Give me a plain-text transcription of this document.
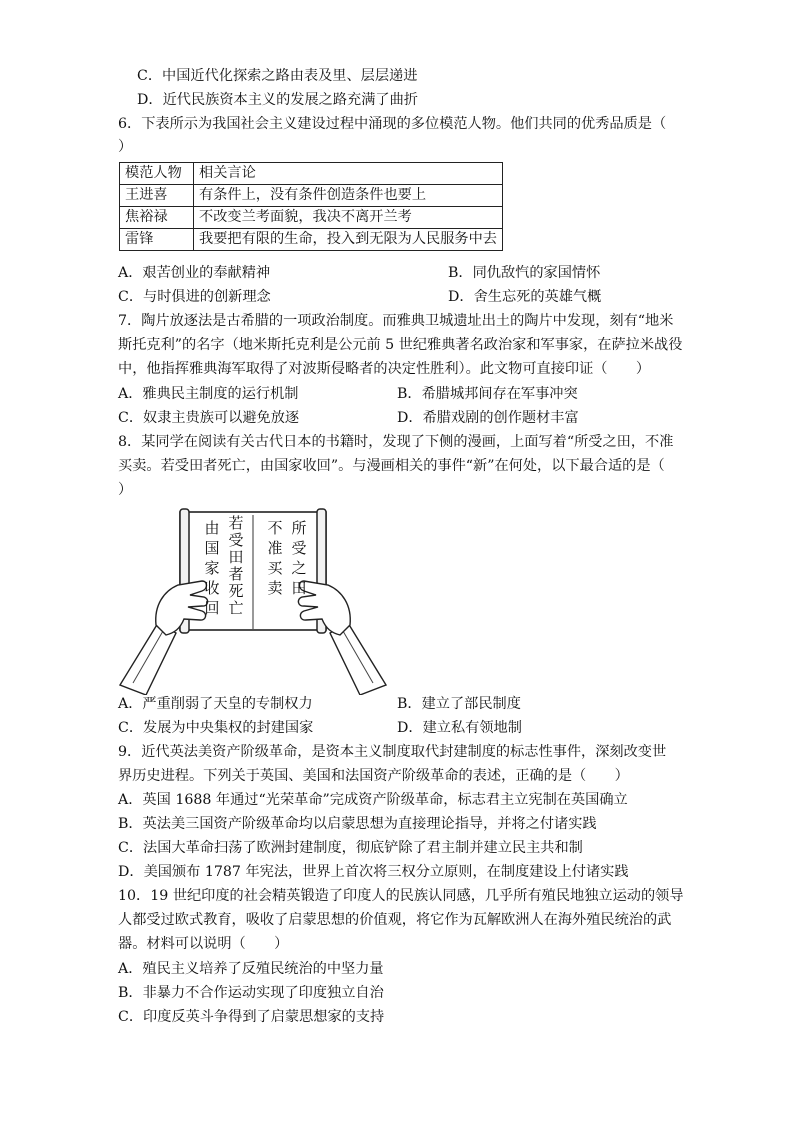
C．中国近代化探索之路由表及里、层层递进
D．近代民族资本主义的发展之路充满了曲折
6．下表所示为我国社会主义建设过程中涌现的多位模范人物。他们共同的优秀品质是（
）
模范人物	相关言论
王进喜	有条件上，没有条件创造条件也要上
焦裕禄	不改变兰考面貌，我决不离开兰考
雷锋	我要把有限的生命，投入到无限为人民服务中去
A．艰苦创业的奉献精神	B．同仇敌忾的家国情怀
C．与时俱进的创新理念	D．舍生忘死的英雄气概
7．陶片放逐法是古希腊的一项政治制度。而雅典卫城遗址出土的陶片中发现，刻有“地米
斯托克利”的名字（地米斯托克利是公元前 5 世纪雅典著名政治家和军事家，在萨拉米战役
中，他指挥雅典海军取得了对波斯侵略者的决定性胜利）。此文物可直接印证（　　）
A．雅典民主制度的运行机制	B．希腊城邦间存在军事冲突
C．奴隶主贵族可以避免放逐	D．希腊戏剧的创作题材丰富
8．某同学在阅读有关古代日本的书籍时，发现了下侧的漫画，上面写着“所受之田，不准
买卖。若受田者死亡，由国家收回”。与漫画相关的事件“新”在何处，以下最合适的是（
）
所受之田
不准买卖
若受田者死亡
由国家收回
A．严重削弱了天皇的专制权力	B．建立了部民制度
C．发展为中央集权的封建国家	D．建立私有领地制
9．近代英法美资产阶级革命，是资本主义制度取代封建制度的标志性事件，深刻改变世
界历史进程。下列关于英国、美国和法国资产阶级革命的表述，正确的是（　　）
A．英国 1688 年通过“光荣革命”完成资产阶级革命，标志君主立宪制在英国确立
B．英法美三国资产阶级革命均以启蒙思想为直接理论指导，并将之付诸实践
C．法国大革命扫荡了欧洲封建制度，彻底铲除了君主制并建立民主共和制
D．美国颁布 1787 年宪法，世界上首次将三权分立原则，在制度建设上付诸实践
10．19 世纪印度的社会精英锻造了印度人的民族认同感，几乎所有殖民地独立运动的领导
人都受过欧式教育，吸收了启蒙思想的价值观，将它作为瓦解欧洲人在海外殖民统治的武
器。材料可以说明（　　）
A．殖民主义培养了反殖民统治的中坚力量
B．非暴力不合作运动实现了印度独立自治
C．印度反英斗争得到了启蒙思想家的支持
